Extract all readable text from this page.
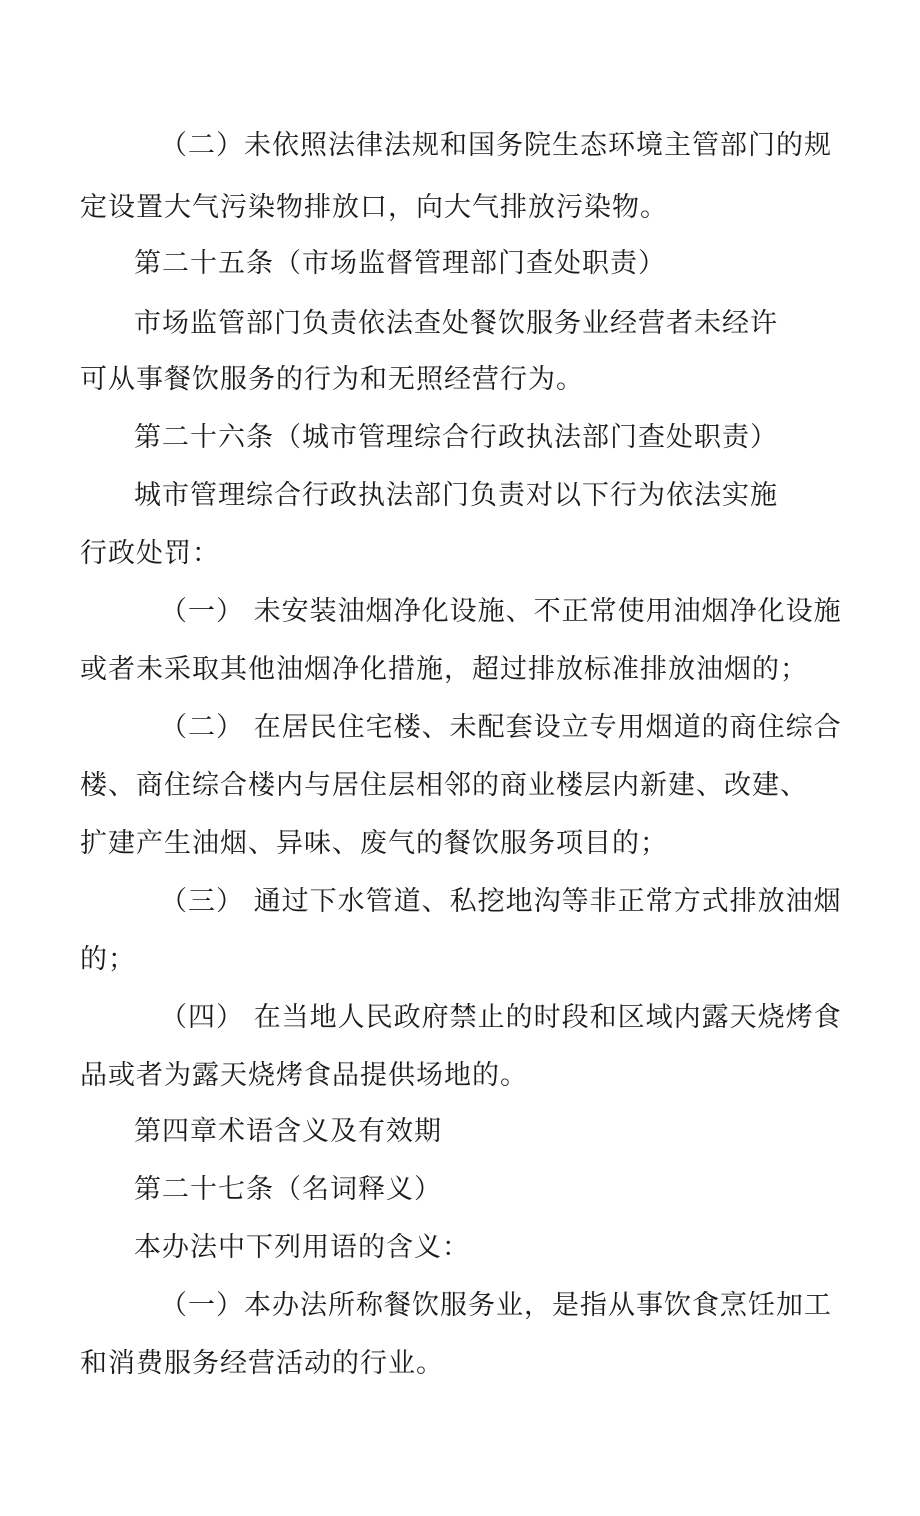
（二）未依照法律法规和国务院生态环境主管部门的规
定设置大气污染物排放口，向大气排放污染物。
第二十五条（市场监督管理部门查处职责）
市场监管部门负责依法查处餐饮服务业经营者未经许
可从事餐饮服务的行为和无照经营行为。
第二十六条（城市管理综合行政执法部门查处职责）
城市管理综合行政执法部门负责对以下行为依法实施
行政处罚：
（一） 未安装油烟净化设施、不正常使用油烟净化设施
或者未采取其他油烟净化措施，超过排放标准排放油烟的；
（二） 在居民住宅楼、未配套设立专用烟道的商住综合
楼、商住综合楼内与居住层相邻的商业楼层内新建、改建、
扩建产生油烟、异味、废气的餐饮服务项目的；
（三） 通过下水管道、私挖地沟等非正常方式排放油烟
的；
（四） 在当地人民政府禁止的时段和区域内露天烧烤食
品或者为露天烧烤食品提供场地的。
第四章术语含义及有效期
第二十七条（名词释义）
本办法中下列用语的含义：
（一）本办法所称餐饮服务业，是指从事饮食烹饪加工
和消费服务经营活动的行业。
